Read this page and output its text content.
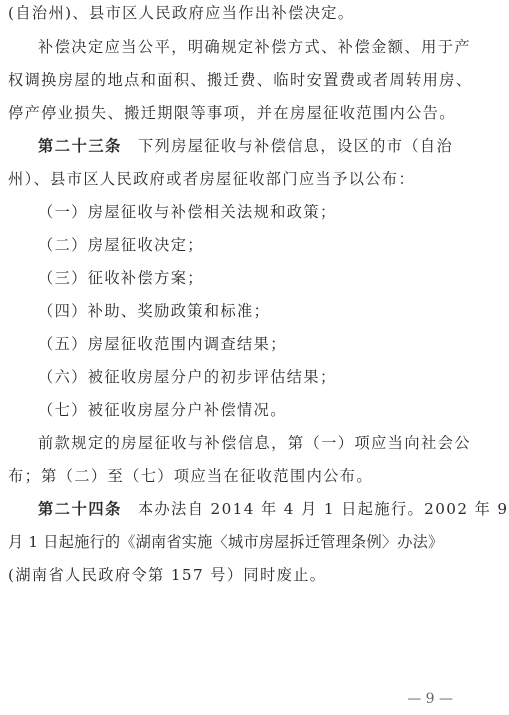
(自治州)、县市区人民政府应当作出补偿决定。
补偿决定应当公平，明确规定补偿方式、补偿金额、用于产
权调换房屋的地点和面积、搬迁费、临时安置费或者周转用房、
停产停业损失、搬迁期限等事项，并在房屋征收范围内公告。
第二十三条 下列房屋征收与补偿信息，设区的市（自治
州）、县市区人民政府或者房屋征收部门应当予以公布：
（一）房屋征收与补偿相关法规和政策；
（二）房屋征收决定；
（三）征收补偿方案；
（四）补助、奖励政策和标准；
（五）房屋征收范围内调查结果；
（六）被征收房屋分户的初步评估结果；
（七）被征收房屋分户补偿情况。
前款规定的房屋征收与补偿信息，第（一）项应当向社会公
布；第（二）至（七）项应当在征收范围内公布。
第二十四条 本办法自 2014 年 4 月 1 日起施行。2002 年 9
月 1 日起施行的《湖南省实施〈城市房屋拆迁管理条例〉办法》
(湖南省人民政府令第 157 号）同时废止。
— 9 —
